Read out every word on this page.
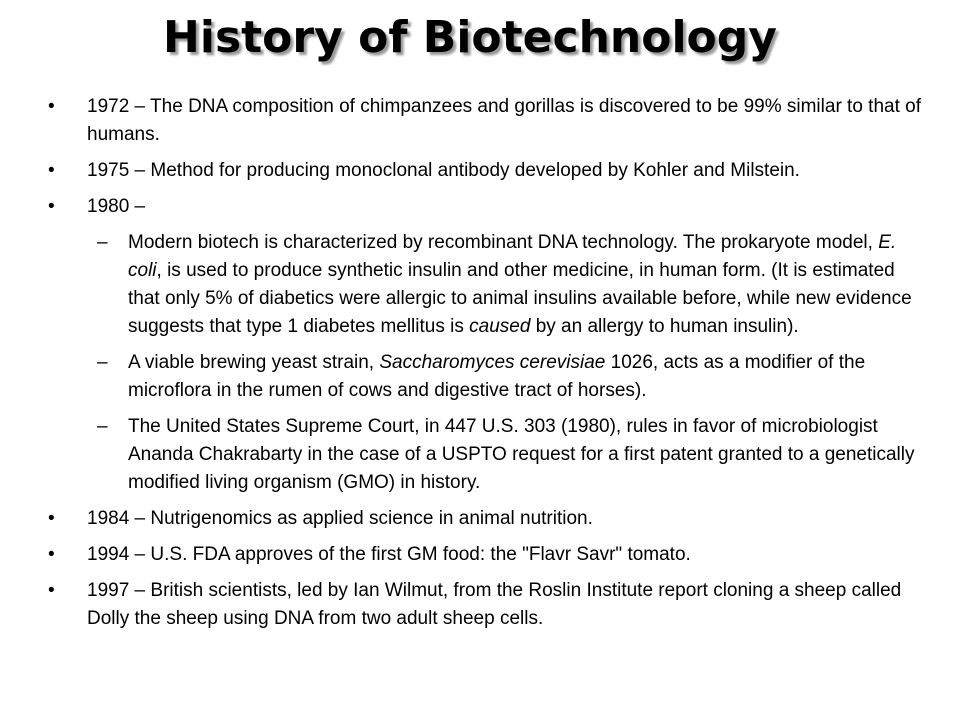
History of Biotechnology
•	1972 – The DNA composition of chimpanzees and gorillas is discovered to be 99% similar to that of humans.
•	1975 – Method for producing monoclonal antibody developed by Kohler and Milstein.
•	1980 –
– Modern biotech is characterized by recombinant DNA technology. The prokaryote model, E. coli, is used to produce synthetic insulin and other medicine, in human form. (It is estimated that only 5% of diabetics were allergic to animal insulins available before, while new evidence suggests that type 1 diabetes mellitus is caused by an allergy to human insulin).
– A viable brewing yeast strain, Saccharomyces cerevisiae 1026, acts as a modifier of the microflora in the rumen of cows and digestive tract of horses).
– The United States Supreme Court, in 447 U.S. 303 (1980), rules in favor of microbiologist Ananda Chakrabarty in the case of a USPTO request for a first patent granted to a genetically modified living organism (GMO) in history.
•	1984 – Nutrigenomics as applied science in animal nutrition.
•	1994 – U.S. FDA approves of the first GM food: the "Flavr Savr" tomato.
•	1997 – British scientists, led by Ian Wilmut, from the Roslin Institute report cloning a sheep called Dolly the sheep using DNA from two adult sheep cells.
